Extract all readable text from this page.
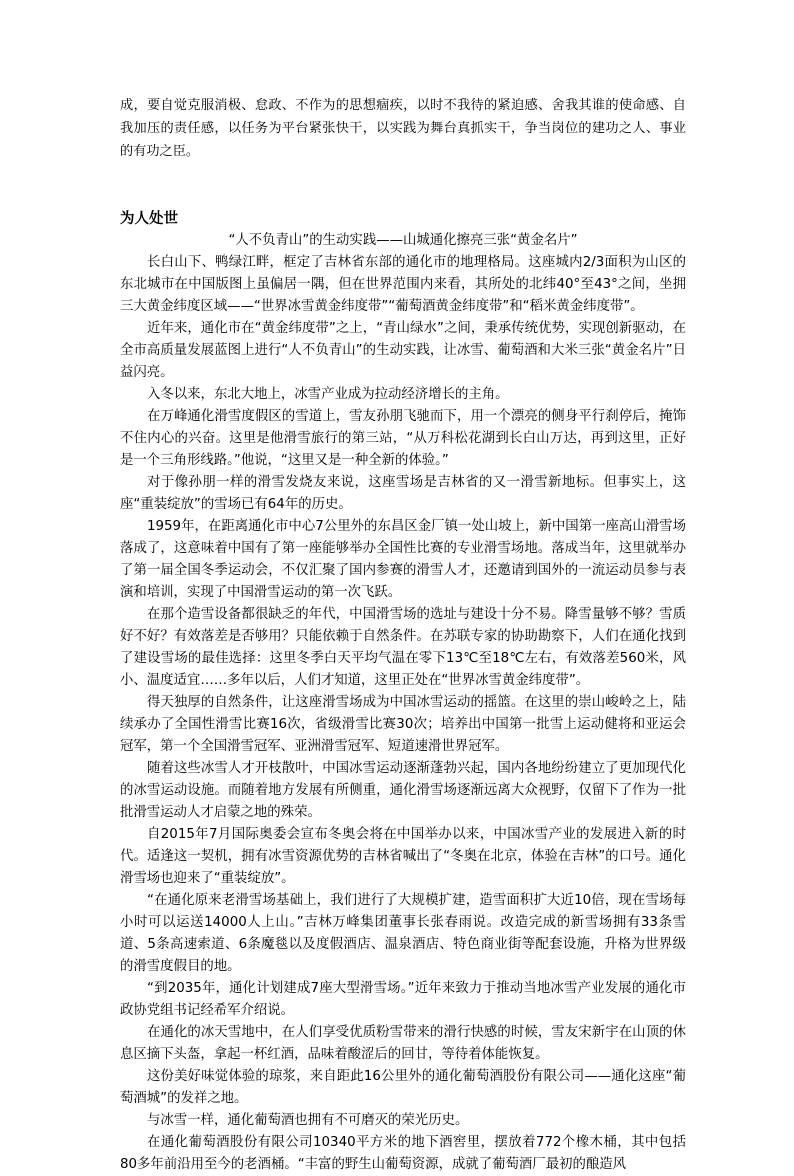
成，要自觉克服消极、怠政、不作为的思想痼疾，以时不我待的紧迫感、舍我其谁的使命感、自我加压的责任感，以任务为平台紧张快干，以实践为舞台真抓实干，争当岗位的建功之人、事业的有功之臣。

为人处世
“人不负青山”的生动实践——山城通化擦亮三张“黄金名片”

长白山下、鸭绿江畔，框定了吉林省东部的通化市的地理格局。这座城内2/3面积为山区的东北城市在中国版图上虽偏居一隅，但在世界范围内来看，其所处的北纬40°至43°之间，坐拥三大黄金纬度区域——“世界冰雪黄金纬度带”“葡萄酒黄金纬度带”和“稻米黄金纬度带”。

近年来，通化市在“黄金纬度带”之上，“青山绿水”之间，秉承传统优势，实现创新驱动，在全市高质量发展蓝图上进行“人不负青山”的生动实践，让冰雪、葡萄酒和大米三张“黄金名片”日益闪亮。

入冬以来，东北大地上，冰雪产业成为拉动经济增长的主角。

在万峰通化滑雪度假区的雪道上，雪友孙朋飞驰而下，用一个漂亮的侧身平行刹停后，掩饰不住内心的兴奋。这里是他滑雪旅行的第三站，“从万科松花湖到长白山万达，再到这里，正好是一个三角形线路。”他说，“这里又是一种全新的体验。”

对于像孙朋一样的滑雪发烧友来说，这座雪场是吉林省的又一滑雪新地标。但事实上，这座“重装绽放”的雪场已有64年的历史。

1959年，在距离通化市中心7公里外的东昌区金厂镇一处山坡上，新中国第一座高山滑雪场落成了，这意味着中国有了第一座能够举办全国性比赛的专业滑雪场地。落成当年，这里就举办了第一届全国冬季运动会，不仅汇聚了国内参赛的滑雪人才，还邀请到国外的一流运动员参与表演和培训，实现了中国滑雪运动的第一次飞跃。

在那个造雪设备都很缺乏的年代，中国滑雪场的选址与建设十分不易。降雪量够不够？雪质好不好？有效落差是否够用？只能依赖于自然条件。在苏联专家的协助勘察下，人们在通化找到了建设雪场的最佳选择：这里冬季白天平均气温在零下13℃至18℃左右，有效落差560米，风小、温度适宜……多年以后，人们才知道，这里正处在“世界冰雪黄金纬度带”。

得天独厚的自然条件，让这座滑雪场成为中国冰雪运动的摇篮。在这里的崇山峻岭之上，陆续承办了全国性滑雪比赛16次，省级滑雪比赛30次；培养出中国第一批雪上运动健将和亚运会冠军，第一个全国滑雪冠军、亚洲滑雪冠军、短道速滑世界冠军。

随着这些冰雪人才开枝散叶，中国冰雪运动逐渐蓬勃兴起，国内各地纷纷建立了更加现代化的冰雪运动设施。而随着地方发展有所侧重，通化滑雪场逐渐远离大众视野，仅留下了作为一批批滑雪运动人才启蒙之地的殊荣。

自2015年7月国际奥委会宣布冬奥会将在中国举办以来，中国冰雪产业的发展进入新的时代。适逢这一契机，拥有冰雪资源优势的吉林省喊出了“冬奥在北京，体验在吉林”的口号。通化滑雪场也迎来了“重装绽放”。

“在通化原来老滑雪场基础上，我们进行了大规模扩建，造雪面积扩大近10倍，现在雪场每小时可以运送14000人上山。”吉林万峰集团董事长张春雨说。改造完成的新雪场拥有33条雪道、5条高速索道、6条魔毯以及度假酒店、温泉酒店、特色商业街等配套设施，升格为世界级的滑雪度假目的地。

“到2035年，通化计划建成7座大型滑雪场。”近年来致力于推动当地冰雪产业发展的通化市政协党组书记经希军介绍说。

在通化的冰天雪地中，在人们享受优质粉雪带来的滑行快感的时候，雪友宋新宇在山顶的休息区摘下头盔，拿起一杯红酒，品味着酸涩后的回甘，等待着体能恢复。

这份美好味觉体验的琼浆，来自距此16公里外的通化葡萄酒股份有限公司——通化这座“葡萄酒城”的发祥之地。

与冰雪一样，通化葡萄酒也拥有不可磨灭的荣光历史。

在通化葡萄酒股份有限公司10340平方米的地下酒窖里，摆放着772个橡木桶，其中包括80多年前沿用至今的老酒桶。“丰富的野生山葡萄资源，成就了葡萄酒厂最初的酿造风
